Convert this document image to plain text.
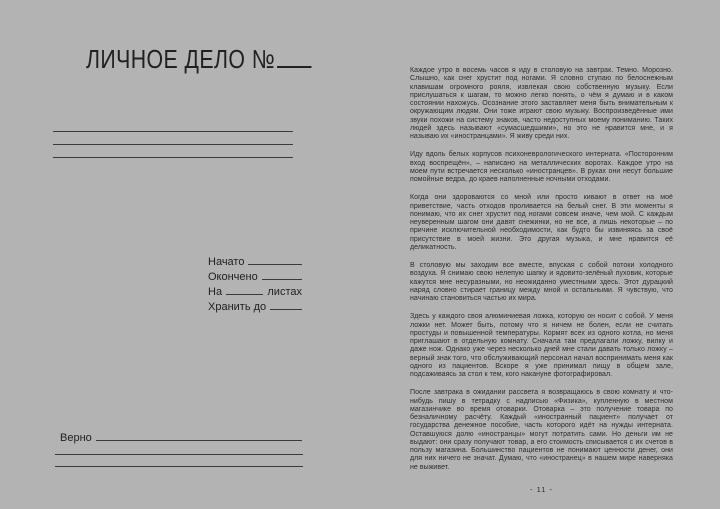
ЛИЧНОЕ ДЕЛО №
Начато
Окончено
На	листах
Хранить до
Верно

Каждое утро в восемь часов я иду в столовую на завтрак. Темно. Морозно. Слышно, как снег хрустит под ногами. Я словно ступаю по белоснежным клавишам огромного рояля, извлекая свою собственную музыку. Если прислушаться к шагам, то можно легко понять, о чём я думаю и в каком состоянии нахожусь. Осознание этого заставляет меня быть внимательным к окружающим людям. Они тоже играют свою музыку. Воспроизведённые ими звуки похожи на систему знаков, часто недоступных моему пониманию. Таких людей здесь называют «сумасшедшими», но это не нравится мне, и я называю их «иностранцами». Я живу среди них.

Иду вдоль белых корпусов психоневрологического интерната. «Посторонним вход воспрещён», – написано на металлических воротах. Каждое утро на моем пути встречается несколько «иностранцев». В руках они несут большие помойные ведра, до краев наполненные ночными отходами.

Когда они здороваются со мной или просто кивают в ответ на моё приветствие, часть отходов проливается на белый снег. В эти моменты я понимаю, что их снег хрустит под ногами совсем иначе, чем мой. С каждым неуверенным шагом они давят снежинки, но не все, а лишь некоторые – по причине исключительной необходимости, как будто бы извиняясь за своё присутствие в моей жизни. Это другая музыка, и мне нравится её деликатность.

В столовую мы заходим все вместе, впуская с собой потоки холодного воздуха. Я снимаю свою нелепую шапку и ядовито-зелёный пуховик, которые кажутся мне несуразными, но неожиданно уместными здесь. Этот дурацкий наряд словно стирает границу между мной и остальными. Я чувствую, что начинаю становиться частью их мира.

Здесь у каждого своя алюминиевая ложка, которую он носит с собой. У меня ложки нет. Может быть, потому что я ничем не болен, если не считать простуды и повышенной температуры. Кормят всех из одного котла, но меня приглашают в отдельную комнату. Сначала там предлагали ложку, вилку и даже нож. Однако уже через несколько дней мне стали давать только ложку – верный знак того, что обслуживающий персонал начал воспринимать меня как одного из пациентов. Вскоре я уже принимал пищу в общем зале, подсаживаясь за стол к тем, кого накануне фотографировал.

После завтрака в ожидании рассвета я возвращаюсь в свою комнату и что-нибудь пишу в тетрадку с надписью «Физика», купленную в местном магазинчике во время отоварки. Отоварка – это получение товара по безналичному расчёту. Каждый «иностранный пациент» получает от государства денежное пособие, часть которого идёт на нужды интерната. Оставшуюся долю «иностранцы» могут потратить сами. Но деньги им не выдают: они сразу получают товар, а его стоимость списывается с их счетов в пользу магазина. Большинство пациентов не понимают ценности денег, они для них ничего не значат. Думаю, что «иностранец» в нашем мире наверняка не выживет.

- 11 -
